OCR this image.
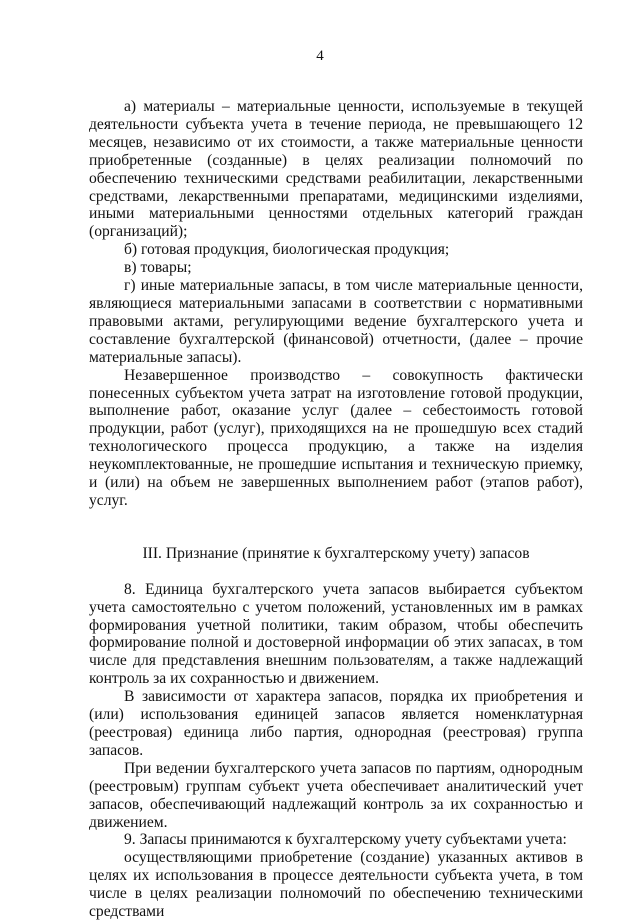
4

а) материалы – материальные ценности, используемые в текущей деятельности субъекта учета в течение периода, не превышающего 12 месяцев, независимо от их стоимости, а также материальные ценности приобретенные (созданные) в целях реализации полномочий по обеспечению техническими средствами реабилитации, лекарственными средствами, лекарственными препаратами, медицинскими изделиями, иными материальными ценностями отдельных категорий граждан (организаций);

б) готовая продукция, биологическая продукция;

в) товары;

г) иные материальные запасы, в том числе материальные ценности, являющиеся материальными запасами в соответствии с нормативными правовыми актами, регулирующими ведение бухгалтерского учета и составление бухгалтерской (финансовой) отчетности, (далее – прочие материальные запасы).

Незавершенное производство – совокупность фактически понесенных субъектом учета затрат на изготовление готовой продукции, выполнение работ, оказание услуг (далее – себестоимость готовой продукции, работ (услуг), приходящихся на не прошедшую всех стадий технологического процесса продукцию, а также на изделия неукомплектованные, не прошедшие испытания и техническую приемку, и (или) на объем не завершенных выполнением работ (этапов работ), услуг.

III. Признание (принятие к бухгалтерскому учету) запасов

8. Единица бухгалтерского учета запасов выбирается субъектом учета самостоятельно с учетом положений, установленных им в рамках формирования учетной политики, таким образом, чтобы обеспечить формирование полной и достоверной информации об этих запасах, в том числе для представления внешним пользователям, а также надлежащий контроль за их сохранностью и движением.

В зависимости от характера запасов, порядка их приобретения и (или) использования единицей запасов является номенклатурная (реестровая) единица либо партия, однородная (реестровая) группа запасов.

При ведении бухгалтерского учета запасов по партиям, однородным (реестровым) группам субъект учета обеспечивает аналитический учет запасов, обеспечивающий надлежащий контроль за их сохранностью и движением.

9. Запасы принимаются к бухгалтерскому учету субъектами учета:

осуществляющими приобретение (создание) указанных активов в целях их использования в процессе деятельности субъекта учета, в том числе в целях реализации полномочий по обеспечению техническими средствами
